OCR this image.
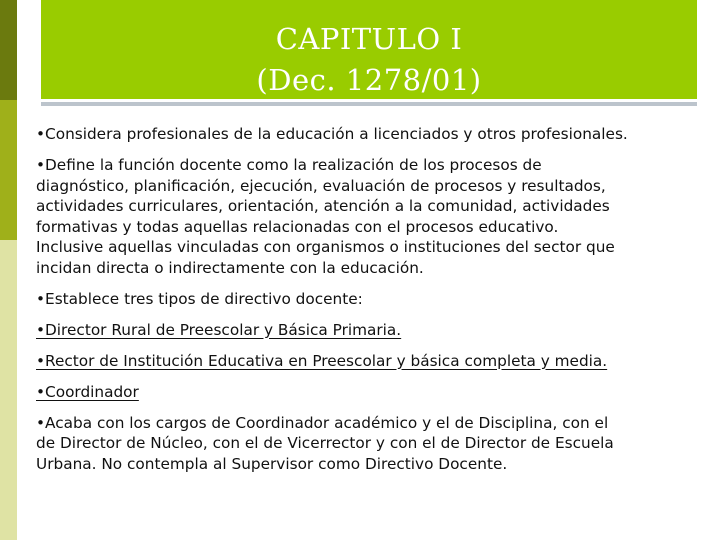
CAPITULO I
(Dec. 1278/01)

•Considera profesionales de la educación a licenciados y otros profesionales.

•Define la función docente como la realización de los procesos de
diagnóstico, planificación, ejecución, evaluación de procesos y resultados,
actividades curriculares, orientación, atención a la comunidad, actividades
formativas y todas aquellas relacionadas con el procesos educativo.
Inclusive aquellas vinculadas con organismos o instituciones del sector que
incidan directa o indirectamente con la educación.

•Establece tres tipos de directivo docente:

•Director Rural de Preescolar y Básica Primaria.

•Rector de Institución Educativa en Preescolar y básica completa y media.

•Coordinador

•Acaba con los cargos de Coordinador académico y el de Disciplina, con el
de Director de Núcleo, con el de Vicerrector y con el de Director de Escuela
Urbana. No contempla al Supervisor como Directivo Docente.
